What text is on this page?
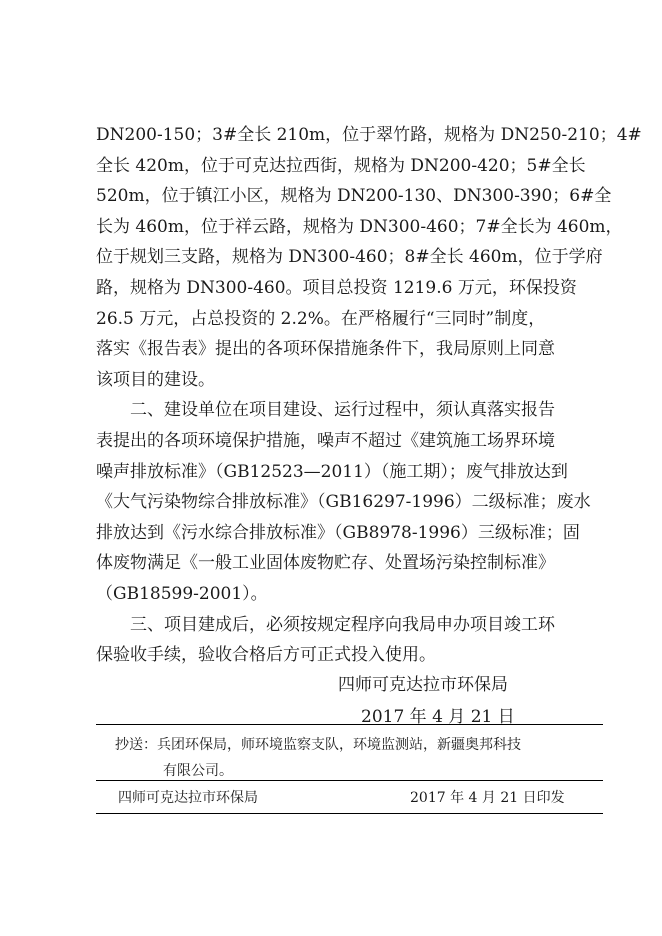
DN200-150；3#全长 210m，位于翠竹路，规格为 DN250-210；4#
全长 420m，位于可克达拉西街，规格为 DN200-420；5#全长
520m，位于镇江小区，规格为 DN200-130、DN300-390；6#全
长为 460m，位于祥云路，规格为 DN300-460；7#全长为 460m，
位于规划三支路，规格为 DN300-460；8#全长 460m，位于学府
路，规格为 DN300-460。项目总投资 1219.6 万元，环保投资
26.5 万元，占总投资的 2.2%。在严格履行“三同时”制度，
落实《报告表》提出的各项环保措施条件下，我局原则上同意
该项目的建设。
　　二、建设单位在项目建设、运行过程中，须认真落实报告
表提出的各项环境保护措施，噪声不超过《建筑施工场界环境
噪声排放标准》（GB12523—2011）（施工期）；废气排放达到
《大气污染物综合排放标准》（GB16297-1996）二级标准；废水
排放达到《污水综合排放标准》（GB8978-1996）三级标准；固
体废物满足《一般工业固体废物贮存、处置场污染控制标准》
（GB18599-2001）。
　　三、项目建成后，必须按规定程序向我局申办项目竣工环
保验收手续，验收合格后方可正式投入使用。
四师可克达拉市环保局
2017 年 4 月 21 日
抄送：兵团环保局，师环境监察支队，环境监测站，新疆奥邦科技
有限公司。
四师可克达拉市环保局	2017 年 4 月 21 日印发
